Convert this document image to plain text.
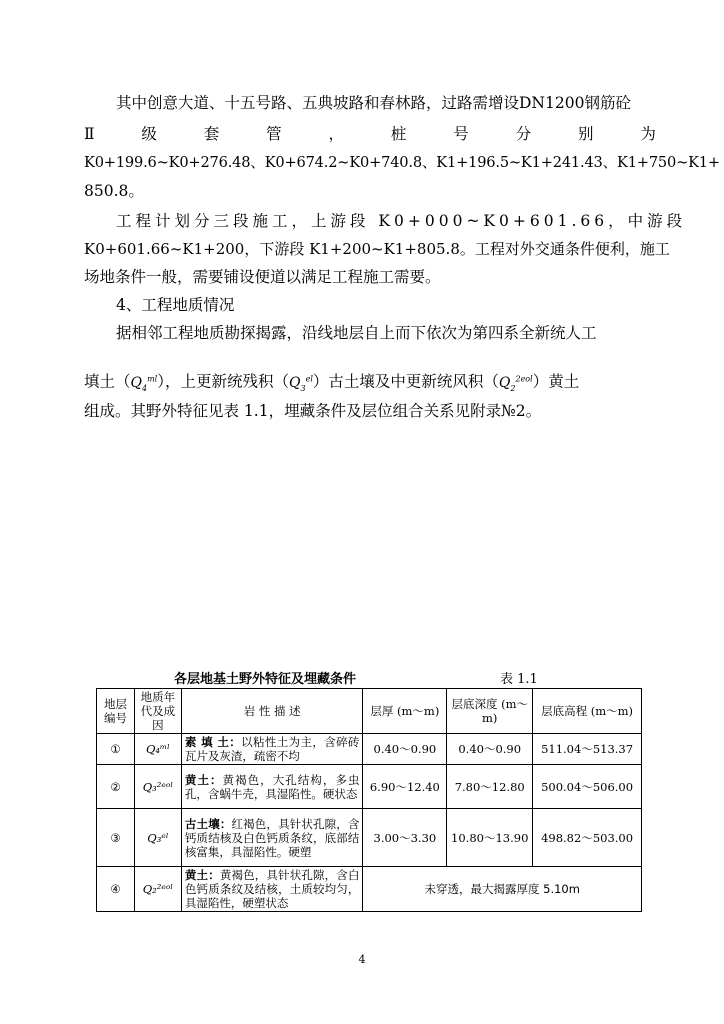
其中创意大道、十五号路、五典坡路和春林路，过路需增设DN1200钢筋砼
Ⅱ	级	套	管	，	桩	号	分	别	为
K0+199.6~K0+276.48、K0+674.2~K0+740.8、K1+196.5~K1+241.43、K1+750~K1+
850.8。
工程计划分三段施工，上游段 K0+000~K0+601.66，中游段
K0+601.66~K1+200，下游段 K1+200~K1+805.8。工程对外交通条件便利，施工
场地条件一般，需要铺设便道以满足工程施工需要。
4、工程地质情况
据相邻工程地质勘探揭露，沿线地层自上而下依次为第四系全新统人工
填土$(Q_4^{ml})$，上更新统残积$(Q_3^{el})$古土壤及中更新统风积$(Q_2^{2eol})$黄土
组成。其野外特征见表 1.1，埋藏条件及层位组合关系见附录№2。
各层地基土野外特征及埋藏条件	表 1.1
地层编号	地质年代及成因	岩 性 描 述	层厚 (m～m)	层底深度 (m～m)	层底高程 (m～m)
①	Q₄ᵐˡ	素 填 土：以粘性土为主，含碎砖瓦片及灰渣，疏密不均	0.40～0.90	0.40～0.90	511.04～513.37
②	Q₃²ᵉᵒˡ	黄土：黄褐色，大孔结构，多虫孔，含蜗牛壳，具湿陷性。硬状态	6.90～12.40	7.80～12.80	500.04～506.00
③	Q₃ᵉˡ	古土壤：红褐色，具针状孔隙，含钙质结核及白色钙质条纹，底部结核富集，具湿陷性。硬塑	3.00～3.30	10.80～13.90	498.82～503.00
④	Q₂²ᵉᵒˡ	黄土：黄褐色，具针状孔隙，含白色钙质条纹及结核，土质较均匀，具湿陷性，硬塑状态	未穿透，最大揭露厚度 5.10m		
4
